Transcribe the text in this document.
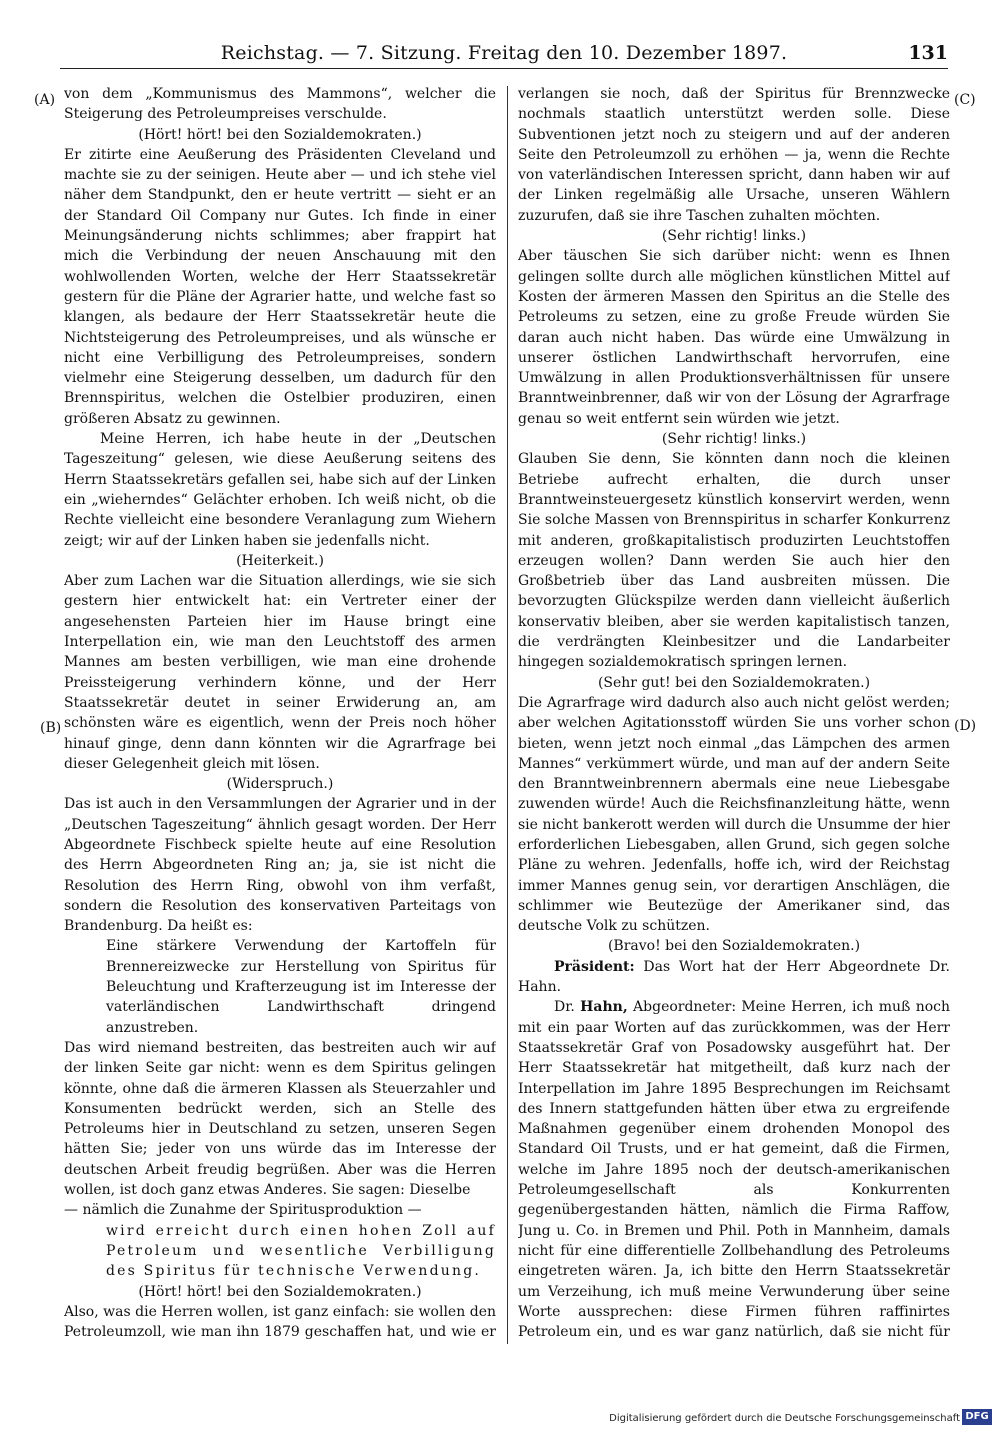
Reichstag. — 7. Sitzung. Freitag den 10. Dezember 1897.	131
(A)
(B)
(C)
(D)

von dem „Kommunismus des Mammons“, welcher die Steigerung des Petroleumpreises verschulde.

(Hört! hört! bei den Sozialdemokraten.)

Er zitirte eine Aeußerung des Präsidenten Cleveland und machte sie zu der seinigen. Heute aber — und ich stehe viel näher dem Standpunkt, den er heute vertritt — sieht er an der Standard Oil Company nur Gutes. Ich finde in einer Meinungsänderung nichts schlimmes; aber frappirt hat mich die Verbindung der neuen Anschauung mit den wohlwollenden Worten, welche der Herr Staatssekretär gestern für die Pläne der Agrarier hatte, und welche fast so klangen, als bedaure der Herr Staatssekretär heute die Nichtsteigerung des Petroleumpreises, und als wünsche er nicht eine Verbilligung des Petroleumpreises, sondern vielmehr eine Steigerung desselben, um dadurch für den Brennspiritus, welchen die Ostelbier produziren, einen größeren Absatz zu gewinnen.

Meine Herren, ich habe heute in der „Deutschen Tageszeitung“ gelesen, wie diese Aeußerung seitens des Herrn Staatssekretärs gefallen sei, habe sich auf der Linken ein „wieherndes“ Gelächter erhoben. Ich weiß nicht, ob die Rechte vielleicht eine besondere Veranlagung zum Wiehern zeigt; wir auf der Linken haben sie jedenfalls nicht.

(Heiterkeit.)

Aber zum Lachen war die Situation allerdings, wie sie sich gestern hier entwickelt hat: ein Vertreter einer der angesehensten Parteien hier im Hause bringt eine Interpellation ein, wie man den Leuchtstoff des armen Mannes am besten verbilligen, wie man eine drohende Preissteigerung verhindern könne, und der Herr Staatssekretär deutet in seiner Erwiderung an, am schönsten wäre es eigentlich, wenn der Preis noch höher hinauf ginge, denn dann könnten wir die Agrarfrage bei dieser Gelegenheit gleich mit lösen.

(Widerspruch.)

Das ist auch in den Versammlungen der Agrarier und in der „Deutschen Tageszeitung“ ähnlich gesagt worden. Der Herr Abgeordnete Fischbeck spielte heute auf eine Resolution des Herrn Abgeordneten Ring an; ja, sie ist nicht die Resolution des Herrn Ring, obwohl von ihm verfaßt, sondern die Resolution des konservativen Parteitags von Brandenburg. Da heißt es:

Eine stärkere Verwendung der Kartoffeln für Brennereizwecke zur Herstellung von Spiritus für Beleuchtung und Krafterzeugung ist im Interesse der vaterländischen Landwirthschaft dringend anzustreben.

Das wird niemand bestreiten, das bestreiten auch wir auf der linken Seite gar nicht: wenn es dem Spiritus gelingen könnte, ohne daß die ärmeren Klassen als Steuerzahler und Konsumenten bedrückt werden, sich an Stelle des Petroleums hier in Deutschland zu setzen, unseren Segen hätten Sie; jeder von uns würde das im Interesse der deutschen Arbeit freudig begrüßen. Aber was die Herren wollen, ist doch ganz etwas Anderes. Sie sagen: Dieselbe

— nämlich die Zunahme der Spiritusproduktion —

wird erreicht durch einen hohen Zoll auf Petroleum und wesentliche Verbilligung des Spiritus für technische Verwendung.

(Hört! hört! bei den Sozialdemokraten.)

Also, was die Herren wollen, ist ganz einfach: sie wollen den Petroleumzoll, wie man ihn 1879 geschaffen hat, und wie er

verlangen sie noch, daß der Spiritus für Brennzwecke nochmals staatlich unterstützt werden solle. Diese Subventionen jetzt noch zu steigern und auf der anderen Seite den Petroleumzoll zu erhöhen — ja, wenn die Rechte von vaterländischen Interessen spricht, dann haben wir auf der Linken regelmäßig alle Ursache, unseren Wählern zuzurufen, daß sie ihre Taschen zuhalten möchten.

(Sehr richtig! links.)

Aber täuschen Sie sich darüber nicht: wenn es Ihnen gelingen sollte durch alle möglichen künstlichen Mittel auf Kosten der ärmeren Massen den Spiritus an die Stelle des Petroleums zu setzen, eine zu große Freude würden Sie daran auch nicht haben. Das würde eine Umwälzung in unserer östlichen Landwirthschaft hervorrufen, eine Umwälzung in allen Produktionsverhältnissen für unsere Branntweinbrenner, daß wir von der Lösung der Agrarfrage genau so weit entfernt sein würden wie jetzt.

(Sehr richtig! links.)

Glauben Sie denn, Sie könnten dann noch die kleinen Betriebe aufrecht erhalten, die durch unser Branntweinsteuergesetz künstlich konservirt werden, wenn Sie solche Massen von Brennspiritus in scharfer Konkurrenz mit anderen, großkapitalistisch produzirten Leuchtstoffen erzeugen wollen? Dann werden Sie auch hier den Großbetrieb über das Land ausbreiten müssen. Die bevorzugten Glückspilze werden dann vielleicht äußerlich konservativ bleiben, aber sie werden kapitalistisch tanzen, die verdrängten Kleinbesitzer und die Landarbeiter hingegen sozialdemokratisch springen lernen.

(Sehr gut! bei den Sozialdemokraten.)

Die Agrarfrage wird dadurch also auch nicht gelöst werden; aber welchen Agitationsstoff würden Sie uns vorher schon bieten, wenn jetzt noch einmal „das Lämpchen des armen Mannes“ verkümmert würde, und man auf der andern Seite den Branntweinbrennern abermals eine neue Liebesgabe zuwenden würde! Auch die Reichsfinanzleitung hätte, wenn sie nicht bankerott werden will durch die Unsumme der hier erforderlichen Liebesgaben, allen Grund, sich gegen solche Pläne zu wehren. Jedenfalls, hoffe ich, wird der Reichstag immer Mannes genug sein, vor derartigen Anschlägen, die schlimmer wie Beutezüge der Amerikaner sind, das deutsche Volk zu schützen.

(Bravo! bei den Sozialdemokraten.)

Präsident: Das Wort hat der Herr Abgeordnete Dr. Hahn.

Dr. Hahn, Abgeordneter: Meine Herren, ich muß noch mit ein paar Worten auf das zurückkommen, was der Herr Staatssekretär Graf von Posadowsky ausgeführt hat. Der Herr Staatssekretär hat mitgetheilt, daß kurz nach der Interpellation im Jahre 1895 Besprechungen im Reichsamt des Innern stattgefunden hätten über etwa zu ergreifende Maßnahmen gegenüber einem drohenden Monopol des Standard Oil Trusts, und er hat gemeint, daß die Firmen, welche im Jahre 1895 noch der deutsch-amerikanischen Petroleumgesellschaft als Konkurrenten gegenübergestanden hätten, nämlich die Firma Raffow, Jung u. Co. in Bremen und Phil. Poth in Mannheim, damals nicht für eine differentielle Zollbehandlung des Petroleums eingetreten wären. Ja, ich bitte den Herrn Staatssekretär um Verzeihung, ich muß meine Verwunderung über seine Worte aussprechen: diese Firmen führen raffinirtes Petroleum ein, und es war ganz natürlich, daß sie nicht für

Digitalisierung gefördert durch die Deutsche Forschungsgemeinschaft DFG
